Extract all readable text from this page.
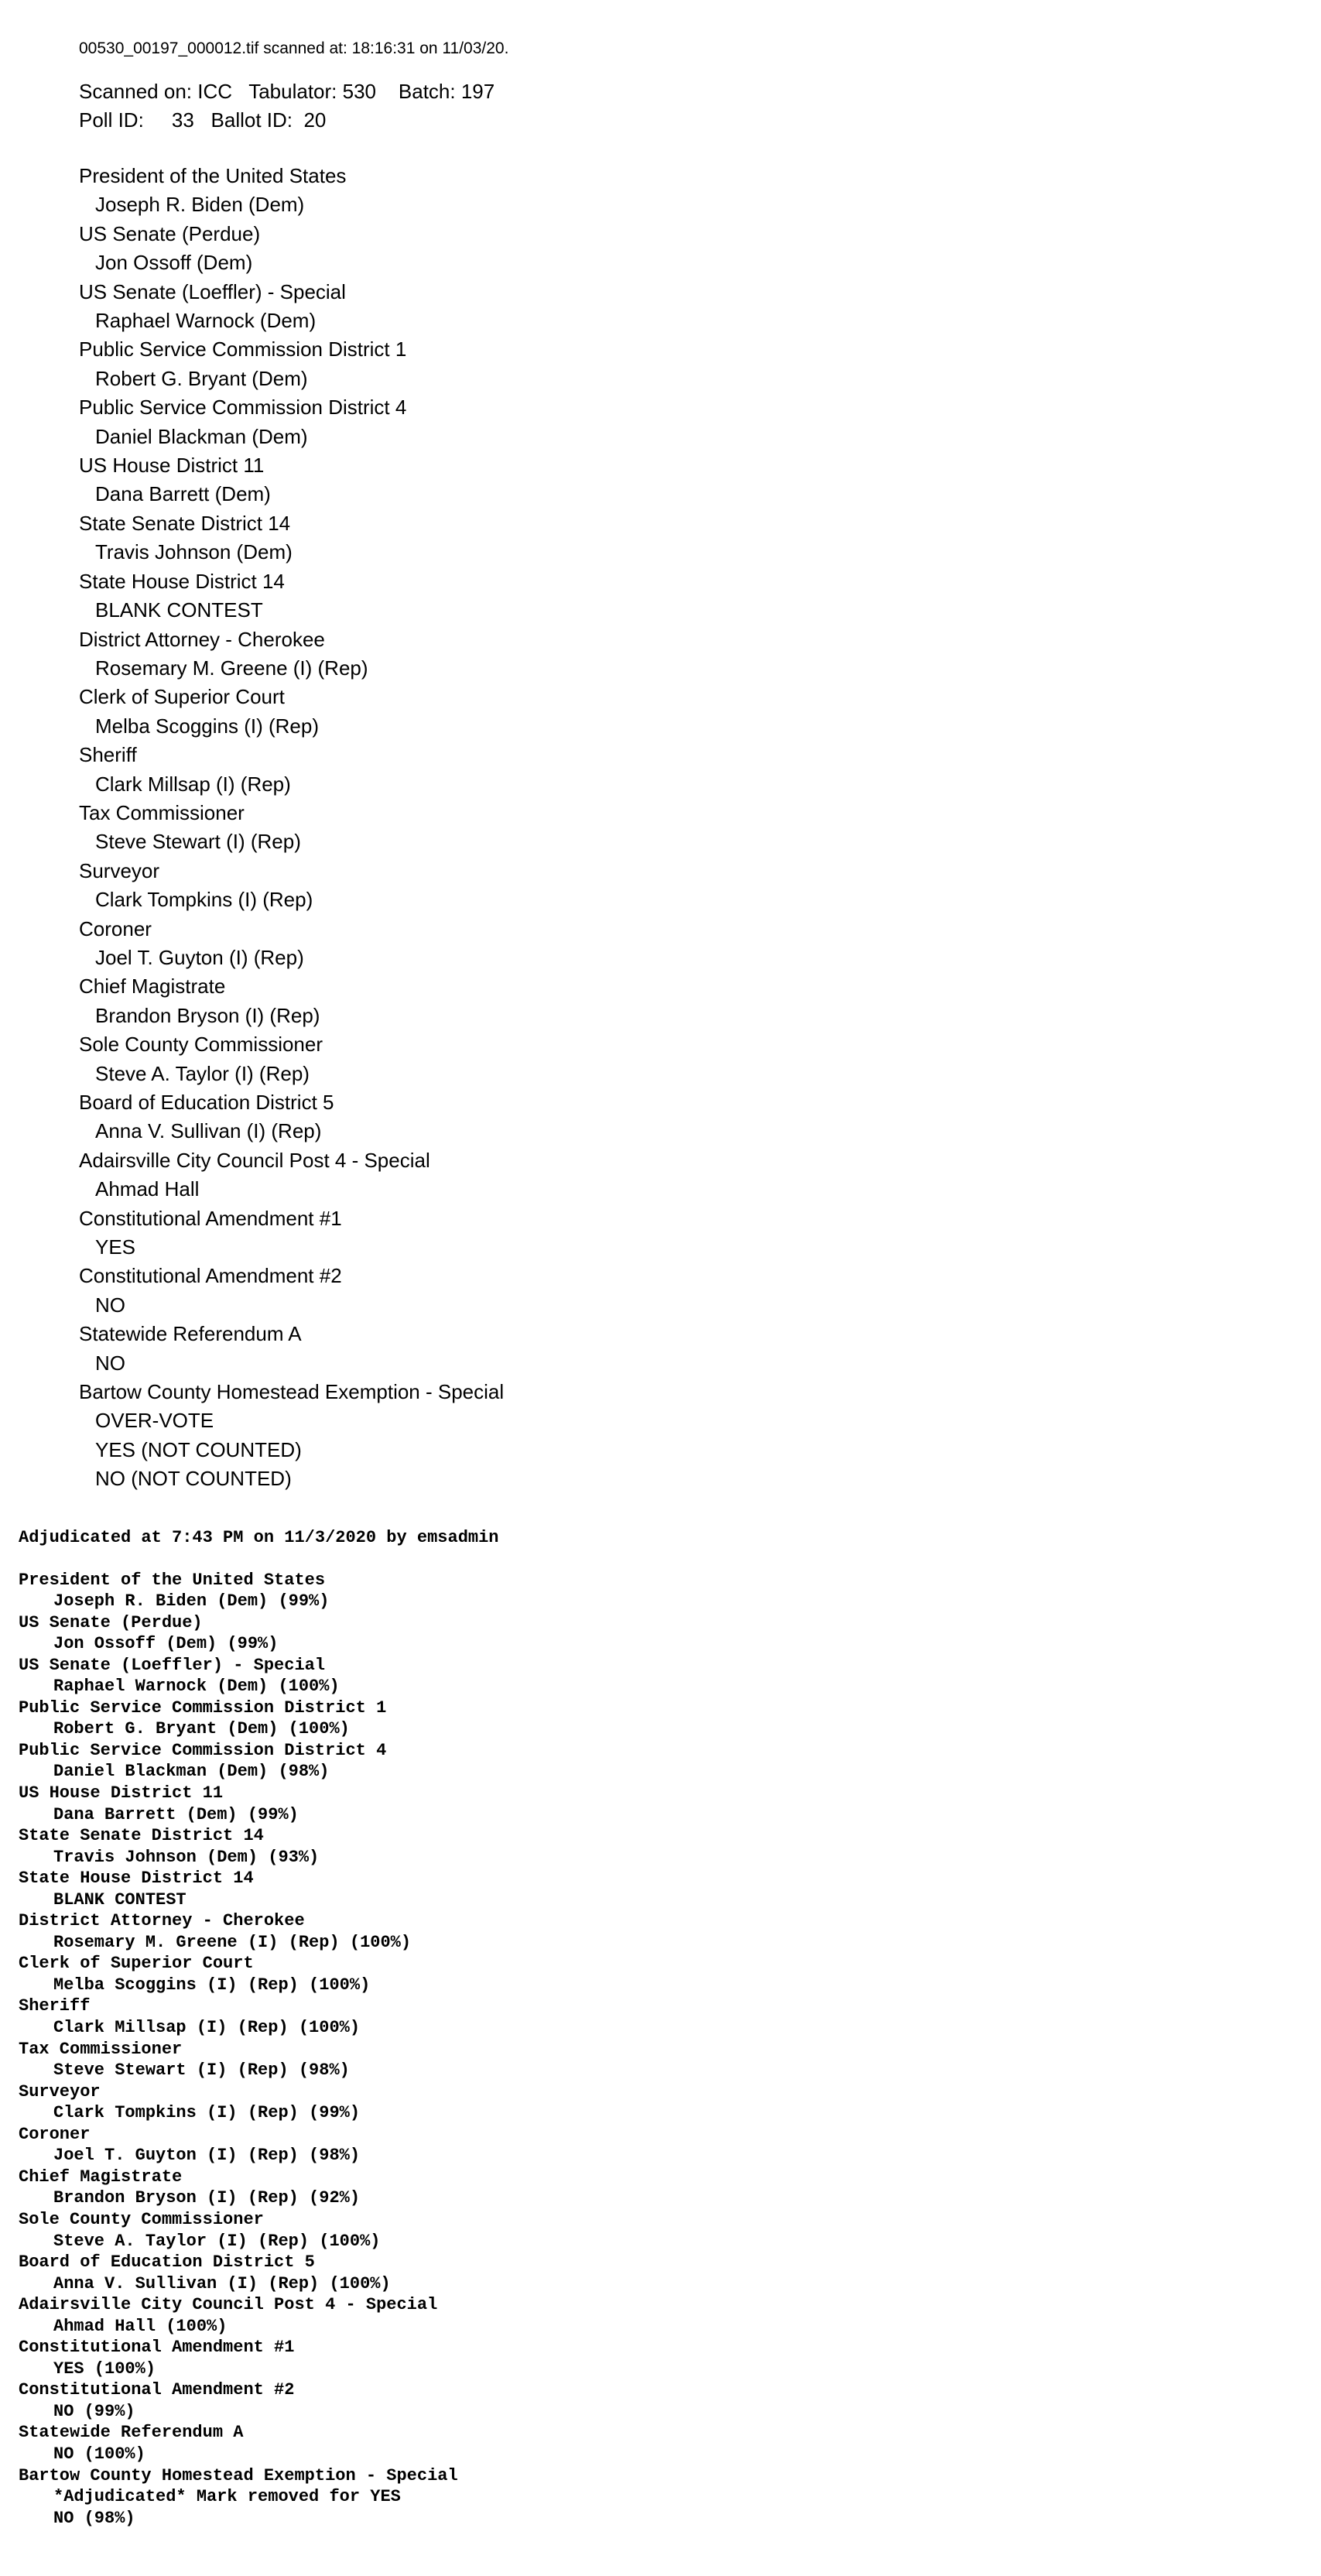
00530_00197_000012.tif scanned at: 18:16:31 on 11/03/20.
Scanned on: ICC   Tabulator: 530    Batch: 197
Poll ID:     33   Ballot ID:  20
President of the United States
Joseph R. Biden (Dem)
US Senate (Perdue)
Jon Ossoff (Dem)
US Senate (Loeffler) - Special
Raphael Warnock (Dem)
Public Service Commission District 1
Robert G. Bryant (Dem)
Public Service Commission District 4
Daniel Blackman (Dem)
US House District 11
Dana Barrett (Dem)
State Senate District 14
Travis Johnson (Dem)
State House District 14
BLANK CONTEST
District Attorney - Cherokee
Rosemary M. Greene (I) (Rep)
Clerk of Superior Court
Melba Scoggins (I) (Rep)
Sheriff
Clark Millsap (I) (Rep)
Tax Commissioner
Steve Stewart (I) (Rep)
Surveyor
Clark Tompkins (I) (Rep)
Coroner
Joel T. Guyton (I) (Rep)
Chief Magistrate
Brandon Bryson (I) (Rep)
Sole County Commissioner
Steve A. Taylor (I) (Rep)
Board of Education District 5
Anna V. Sullivan (I) (Rep)
Adairsville City Council Post 4 - Special
Ahmad Hall
Constitutional Amendment #1
YES
Constitutional Amendment #2
NO
Statewide Referendum A
NO
Bartow County Homestead Exemption - Special
OVER-VOTE
YES (NOT COUNTED)
NO (NOT COUNTED)
Adjudicated at 7:43 PM on 11/3/2020 by emsadmin
President of the United States
Joseph R. Biden (Dem) (99%)
US Senate (Perdue)
Jon Ossoff (Dem) (99%)
US Senate (Loeffler) - Special
Raphael Warnock (Dem) (100%)
Public Service Commission District 1
Robert G. Bryant (Dem) (100%)
Public Service Commission District 4
Daniel Blackman (Dem) (98%)
US House District 11
Dana Barrett (Dem) (99%)
State Senate District 14
Travis Johnson (Dem) (93%)
State House District 14
BLANK CONTEST
District Attorney - Cherokee
Rosemary M. Greene (I) (Rep) (100%)
Clerk of Superior Court
Melba Scoggins (I) (Rep) (100%)
Sheriff
Clark Millsap (I) (Rep) (100%)
Tax Commissioner
Steve Stewart (I) (Rep) (98%)
Surveyor
Clark Tompkins (I) (Rep) (99%)
Coroner
Joel T. Guyton (I) (Rep) (98%)
Chief Magistrate
Brandon Bryson (I) (Rep) (92%)
Sole County Commissioner
Steve A. Taylor (I) (Rep) (100%)
Board of Education District 5
Anna V. Sullivan (I) (Rep) (100%)
Adairsville City Council Post 4 - Special
Ahmad Hall (100%)
Constitutional Amendment #1
YES (100%)
Constitutional Amendment #2
NO (99%)
Statewide Referendum A
NO (100%)
Bartow County Homestead Exemption - Special
*Adjudicated* Mark removed for YES
NO (98%)
